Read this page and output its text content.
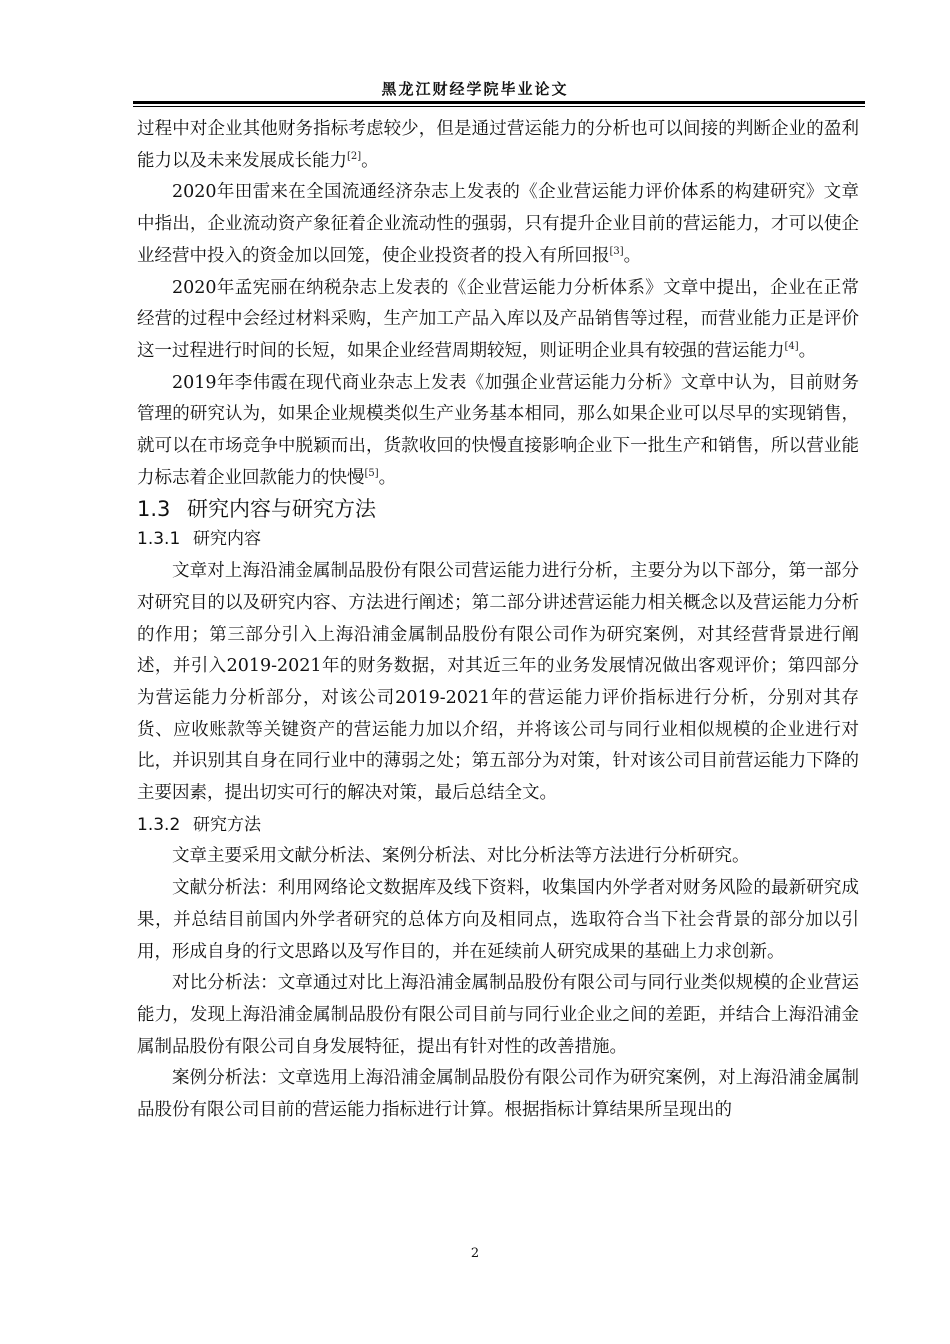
黑龙江财经学院毕业论文

过程中对企业其他财务指标考虑较少，但是通过营运能力的分析也可以间接的判断企业的盈利能力以及未来发展成长能力[2]。

2020年田雷来在全国流通经济杂志上发表的《企业营运能力评价体系的构建研究》文章中指出，企业流动资产象征着企业流动性的强弱，只有提升企业目前的营运能力，才可以使企业经营中投入的资金加以回笼，使企业投资者的投入有所回报[3]。

2020年孟宪丽在纳税杂志上发表的《企业营运能力分析体系》文章中提出，企业在正常经营的过程中会经过材料采购，生产加工产品入库以及产品销售等过程，而营业能力正是评价这一过程进行时间的长短，如果企业经营周期较短，则证明企业具有较强的营运能力[4]。

2019年李伟霞在现代商业杂志上发表《加强企业营运能力分析》文章中认为，目前财务管理的研究认为，如果企业规模类似生产业务基本相同，那么如果企业可以尽早的实现销售，就可以在市场竞争中脱颖而出，货款收回的快慢直接影响企业下一批生产和销售，所以营业能力标志着企业回款能力的快慢[5]。

1.3 研究内容与研究方法
1.3.1 研究内容

文章对上海沿浦金属制品股份有限公司营运能力进行分析，主要分为以下部分，第一部分对研究目的以及研究内容、方法进行阐述；第二部分讲述营运能力相关概念以及营运能力分析的作用；第三部分引入上海沿浦金属制品股份有限公司作为研究案例，对其经营背景进行阐述，并引入2019-2021年的财务数据，对其近三年的业务发展情况做出客观评价；第四部分为营运能力分析部分，对该公司2019-2021年的营运能力评价指标进行分析，分别对其存货、应收账款等关键资产的营运能力加以介绍，并将该公司与同行业相似规模的企业进行对比，并识别其自身在同行业中的薄弱之处；第五部分为对策，针对该公司目前营运能力下降的主要因素，提出切实可行的解决对策，最后总结全文。

1.3.2 研究方法

文章主要采用文献分析法、案例分析法、对比分析法等方法进行分析研究。

文献分析法：利用网络论文数据库及线下资料，收集国内外学者对财务风险的最新研究成果，并总结目前国内外学者研究的总体方向及相同点，选取符合当下社会背景的部分加以引用，形成自身的行文思路以及写作目的，并在延续前人研究成果的基础上力求创新。

对比分析法：文章通过对比上海沿浦金属制品股份有限公司与同行业类似规模的企业营运能力，发现上海沿浦金属制品股份有限公司目前与同行业企业之间的差距，并结合上海沿浦金属制品股份有限公司自身发展特征，提出有针对性的改善措施。

案例分析法：文章选用上海沿浦金属制品股份有限公司作为研究案例，对上海沿浦金属制品股份有限公司目前的营运能力指标进行计算。根据指标计算结果所呈现出的

2
